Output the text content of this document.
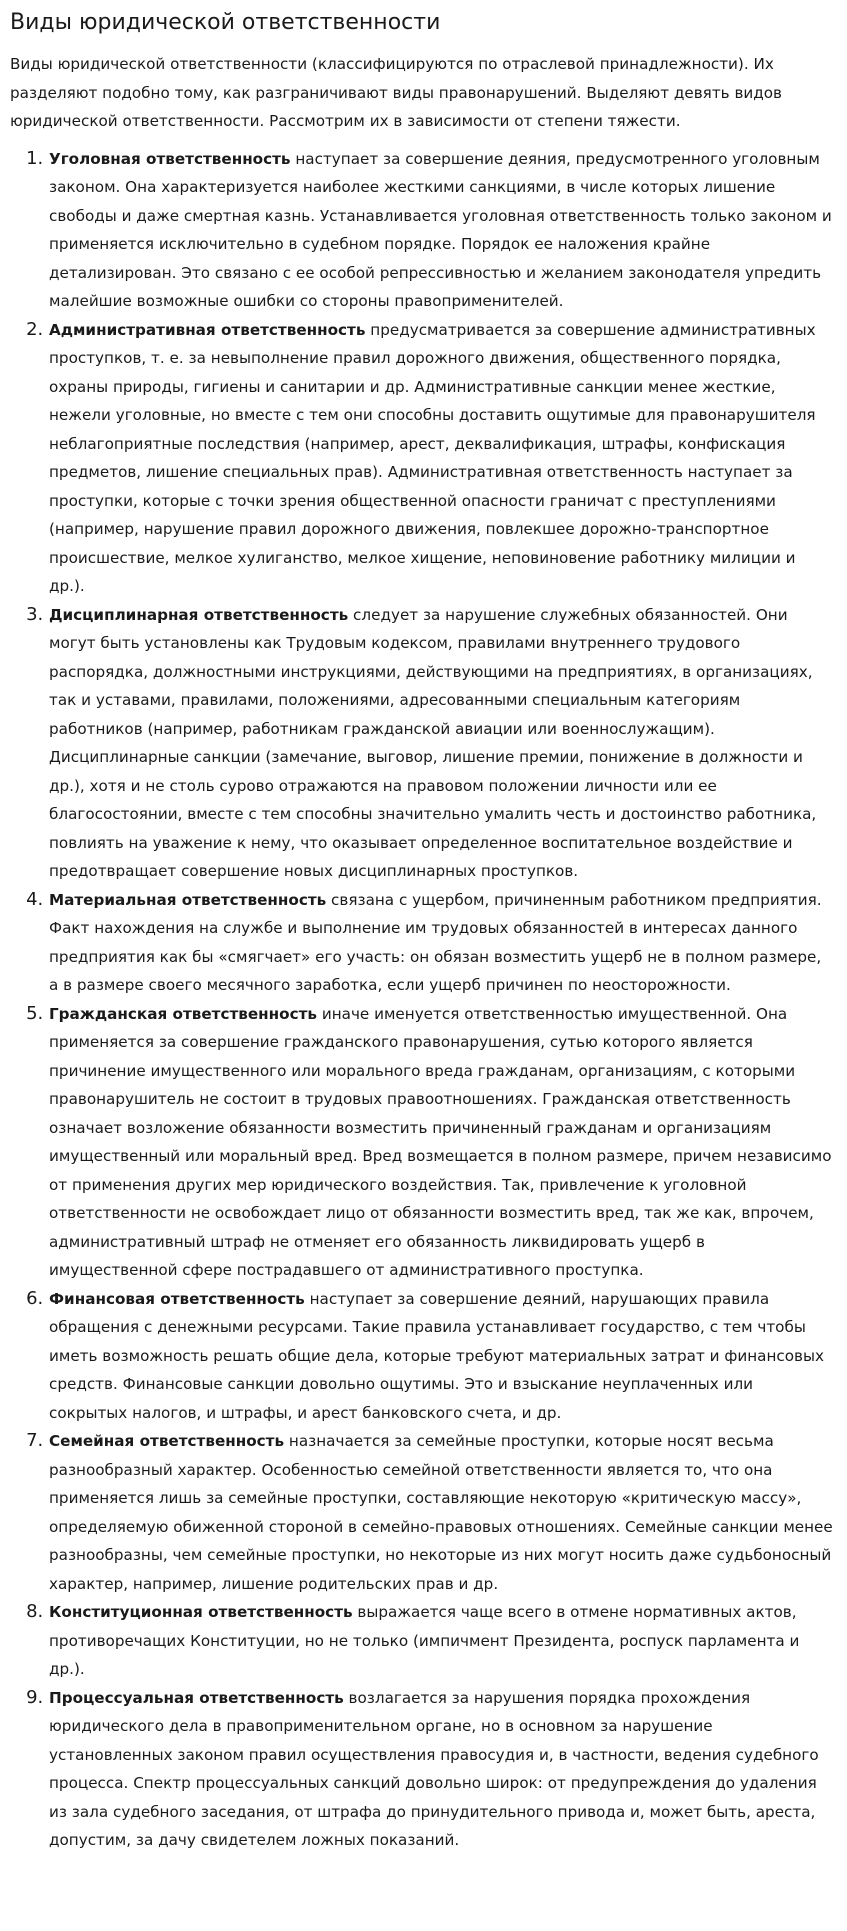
Виды юридической ответственности

Виды юридической ответственности (классифицируются по отраслевой принадлежности). Их разделяют подобно тому, как разграничивают виды правонарушений. Выделяют девять видов юридической ответственности. Рассмотрим их в зависимости от степени тяжести.

1. Уголовная ответственность наступает за совершение деяния, предусмотренного уголовным законом. Она характеризуется наиболее жесткими санкциями, в числе которых лишение свободы и даже смертная казнь. Устанавливается уголовная ответственность только законом и применяется исключительно в судебном порядке. Порядок ее наложения крайне детализирован. Это связано с ее особой репрессивностью и желанием законодателя упредить малейшие возможные ошибки со стороны правоприменителей.
2. Административная ответственность предусматривается за совершение административных проступков, т. е. за невыполнение правил дорожного движения, общественного порядка, охраны природы, гигиены и санитарии и др. Административные санкции менее жесткие, нежели уголовные, но вместе с тем они способны доставить ощутимые для правонарушителя неблагоприятные последствия (например, арест, деквалификация, штрафы, конфискация предметов, лишение специальных прав). Административная ответственность наступает за проступки, которые с точки зрения общественной опасности граничат с преступлениями (например, нарушение правил дорожного движения, повлекшее дорожно-транспортное происшествие, мелкое хулиганство, мелкое хищение, неповиновение работнику милиции и др.).
3. Дисциплинарная ответственность следует за нарушение служебных обязанностей. Они могут быть установлены как Трудовым кодексом, правилами внутреннего трудового распорядка, должностными инструкциями, действующими на предприятиях, в организациях, так и уставами, правилами, положениями, адресованными специальным категориям работников (например, работникам гражданской авиации или военнослужащим). Дисциплинарные санкции (замечание, выговор, лишение премии, понижение в должности и др.), хотя и не столь сурово отражаются на правовом положении личности или ее благосостоянии, вместе с тем способны значительно умалить честь и достоинство работника, повлиять на уважение к нему, что оказывает определенное воспитательное воздействие и предотвращает совершение новых дисциплинарных проступков.
4. Материальная ответственность связана с ущербом, причиненным работником предприятия. Факт нахождения на службе и выполнение им трудовых обязанностей в интересах данного предприятия как бы «смягчает» его участь: он обязан возместить ущерб не в полном размере, а в размере своего месячного заработка, если ущерб причинен по неосторожности.
5. Гражданская ответственность иначе именуется ответственностью имущественной. Она применяется за совершение гражданского правонарушения, сутью которого является причинение имущественного или морального вреда гражданам, организациям, с которыми правонарушитель не состоит в трудовых правоотношениях. Гражданская ответственность означает возложение обязанности возместить причиненный гражданам и организациям имущественный или моральный вред. Вред возмещается в полном размере, причем независимо от применения других мер юридического воздействия. Так, привлечение к уголовной ответственности не освобождает лицо от обязанности возместить вред, так же как, впрочем, административный штраф не отменяет его обязанность ликвидировать ущерб в имущественной сфере пострадавшего от административного проступка.
6. Финансовая ответственность наступает за совершение деяний, нарушающих правила обращения с денежными ресурсами. Такие правила устанавливает государство, с тем чтобы иметь возможность решать общие дела, которые требуют материальных затрат и финансовых средств. Финансовые санкции довольно ощутимы. Это и взыскание неуплаченных или сокрытых налогов, и штрафы, и арест банковского счета, и др.
7. Семейная ответственность назначается за семейные проступки, которые носят весьма разнообразный характер. Особенностью семейной ответственности является то, что она применяется лишь за семейные проступки, составляющие некоторую «критическую массу», определяемую обиженной стороной в семейно-правовых отношениях. Семейные санкции менее разнообразны, чем семейные проступки, но некоторые из них могут носить даже судьбоносный характер, например, лишение родительских прав и др.
8. Конституционная ответственность выражается чаще всего в отмене нормативных актов, противоречащих Конституции, но не только (импичмент Президента, роспуск парламента и др.).
9. Процессуальная ответственность возлагается за нарушения порядка прохождения юридического дела в правоприменительном органе, но в основном за нарушение установленных законом правил осуществления правосудия и, в частности, ведения судебного процесса. Спектр процессуальных санкций довольно широк: от предупреждения до удаления из зала судебного заседания, от штрафа до принудительного привода и, может быть, ареста, допустим, за дачу свидетелем ложных показаний.
